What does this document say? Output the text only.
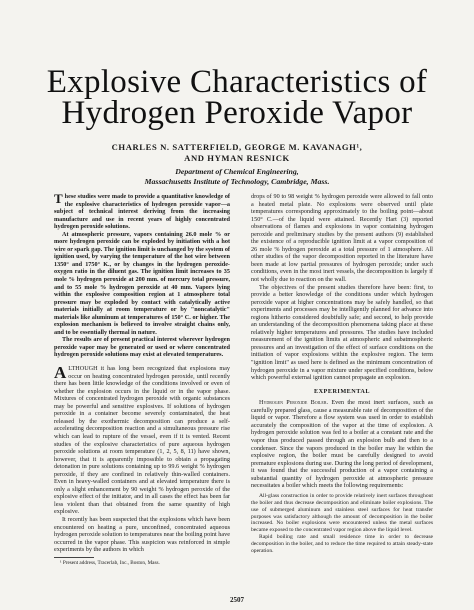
Explosive Characteristics of
Hydrogen Peroxide Vapor
CHARLES N. SATTERFIELD, GEORGE M. KAVANAGH¹,
AND HYMAN RESNICK
Department of Chemical Engineering,
Massachusetts Institute of Technology, Cambridge, Mass.

These studies were made to provide a quantitative knowledge of the explosive characteristics of hydrogen peroxide vapor—a subject of technical interest deriving from the increasing manufacture and use in recent years of highly concentrated hydrogen peroxide solutions.

At atmospheric pressure, vapors containing 26.0 mole % or more hydrogen peroxide can be exploded by initiation with a hot wire or spark gap. The ignition limit is unchanged by the system of ignition used, by varying the temperature of the hot wire between 1350° and 1750° K., or by changes in the hydrogen peroxide-oxygen ratio in the diluent gas. The ignition limit increases to 35 mole % hydrogen peroxide at 200 mm. of mercury total pressure, and to 55 mole % hydrogen peroxide at 40 mm. Vapors lying within the explosive composition region at 1 atmosphere total pressure may be exploded by contact with catalytically active materials initially at room temperature or by "noncatalytic" materials like aluminum at temperatures of 150° C. or higher. The explosion mechanism is believed to involve straight chains only, and to be essentially thermal in nature.

The results are of present practical interest wherever hydrogen peroxide vapor may be generated or used or where concentrated hydrogen peroxide solutions may exist at elevated temperatures.

ALTHOUGH it has long been recognized that explosions may occur on heating concentrated hydrogen peroxide, until recently there has been little knowledge of the conditions involved or even of whether the explosion occurs in the liquid or in the vapor phase. Mixtures of concentrated hydrogen peroxide with organic substances may be powerful and sensitive explosives. If solutions of hydrogen peroxide in a container become severely contaminated, the heat released by the exothermic decomposition can produce a self-accelerating decomposition reaction and a simultaneous pressure rise which can lead to rupture of the vessel, even if it is vented. Recent studies of the explosive characteristics of pure aqueous hydrogen peroxide solutions at room temperature (1, 2, 5, 8, 11) have shown, however, that it is apparently impossible to obtain a propagating detonation in pure solutions containing up to 99.6 weight % hydrogen peroxide, if they are confined in relatively thin-walled containers. Even in heavy-walled containers and at elevated temperature there is only a slight enhancement by 90 weight % hydrogen peroxide of the explosive effect of the initiator, and in all cases the effect has been far less violent than that obtained from the same quantity of high explosive.

It recently has been suspected that the explosions which have been encountered on heating a pure, unconfined, concentrated aqueous hydrogen peroxide solution to temperatures near the boiling point have occurred in the vapor phase. This suspicion was reinforced in simple experiments by the authors in which

¹ Present address, Tracerlab, Inc., Boston, Mass.

drops of 90 to 98 weight % hydrogen peroxide were allowed to fall onto a heated metal plate. No explosions were observed until plate temperatures corresponding approximately to the boiling point—about 150° C.—of the liquid were attained. Recently Hart (3) reported observations of flames and explosions in vapor containing hydrogen peroxide and preliminary studies by the present authors (9) established the existence of a reproducible ignition limit at a vapor composition of 26 mole % hydrogen peroxide at a total pressure of 1 atmosphere. All other studies of the vapor decomposition reported in the literature have been made at low partial pressures of hydrogen peroxide; under such conditions, even in the most inert vessels, the decomposition is largely if not wholly due to reaction on the wall.

The objectives of the present studies therefore have been: first, to provide a better knowledge of the conditions under which hydrogen peroxide vapor at higher concentrations may be safely handled, so that experiments and processes may be intelligently planned for advance into regions hitherto considered doubtfully safe; and second, to help provide an understanding of the decomposition phenomena taking place at these relatively higher temperatures and pressures. The studies have included measurement of the ignition limits at atmospheric and subatmospheric pressures and an investigation of the effect of surface conditions on the initiation of vapor explosions within the explosive region. The term "ignition limit" as used here is defined as the minimum concentration of hydrogen peroxide in a vapor mixture under specified conditions, below which powerful external ignition cannot propagate an explosion.

EXPERIMENTAL

Hydrogen Peroxide Boiler. Even the most inert surfaces, such as carefully prepared glass, cause a measurable rate of decomposition of the liquid or vapor. Therefore a flow system was used in order to establish accurately the composition of the vapor at the time of explosion. A hydrogen peroxide solution was fed to a boiler at a constant rate and the vapor thus produced passed through an explosion bulb and then to a condenser. Since the vapors produced in the boiler may lie within the explosive region, the boiler must be carefully designed to avoid premature explosions during use. During the long period of development, it was found that the successful production of a vapor containing a substantial quantity of hydrogen peroxide at atmospheric pressure necessitates a boiler which meets the following requirements:

All-glass construction in order to provide relatively inert surfaces throughout the boiler and thus decrease decomposition and eliminate boiler explosions. The use of submerged aluminum and stainless steel surfaces for heat transfer purposes was satisfactory although the amount of decomposition in the boiler increased. No boiler explosions were encountered unless the metal surfaces became exposed to the concentrated vapor region above the liquid level.

Rapid boiling rate and small residence time in order to decrease decomposition in the boiler, and to reduce the time required to attain steady-state operation.

2507
